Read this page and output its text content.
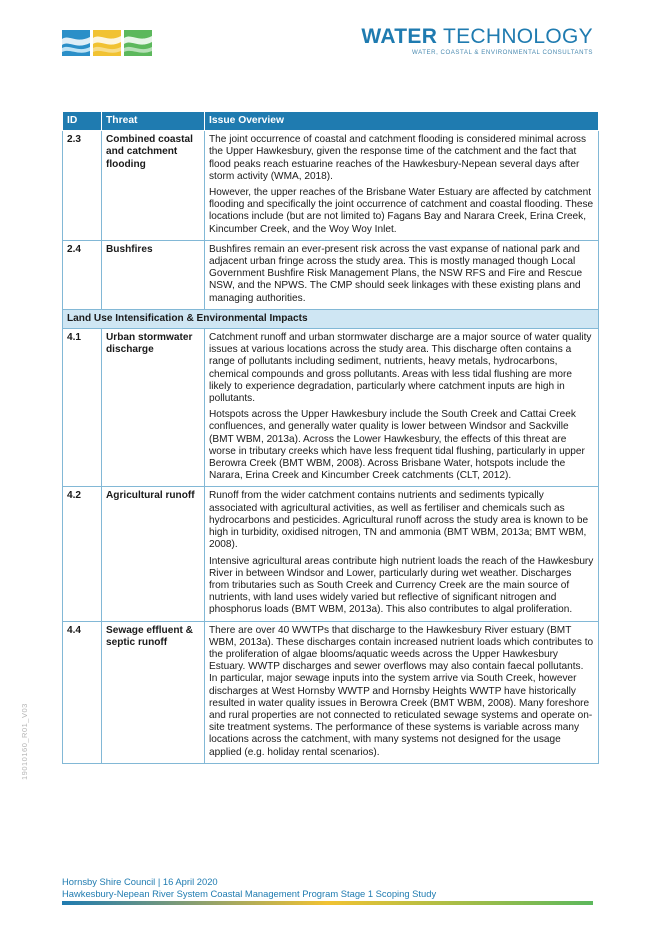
WATER TECHNOLOGY
WATER, COASTAL & ENVIRONMENTAL CONSULTANTS
19010160_R01_V03
ID	Threat	Issue Overview
2.3	Combined coastal and catchment flooding	The joint occurrence of coastal and catchment flooding is considered minimal across the Upper Hawkesbury, given the response time of the catchment and the fact that flood peaks reach estuarine reaches of the Hawkesbury-Nepean several days after storm activity (WMA, 2018).

However, the upper reaches of the Brisbane Water Estuary are affected by catchment flooding and specifically the joint occurrence of catchment and coastal flooding. These locations include (but are not limited to) Fagans Bay and Narara Creek, Erina Creek, Kincumber Creek, and the Woy Woy Inlet.

2.4	Bushfires	Bushfires remain an ever-present risk across the vast expanse of national park and adjacent urban fringe across the study area. This is mostly managed though Local Government Bushfire Risk Management Plans, the NSW RFS and Fire and Rescue NSW, and the NPWS. The CMP should seek linkages with these existing plans and managing authorities.

Land Use Intensification & Environmental Impacts		
4.1	Urban stormwater discharge	Catchment runoff and urban stormwater discharge are a major source of water quality issues at various locations across the study area. This discharge often contains a range of pollutants including sediment, nutrients, heavy metals, hydrocarbons, chemical compounds and gross pollutants. Areas with less tidal flushing are more likely to experience degradation, particularly where catchment inputs are high in pollutants.

Hotspots across the Upper Hawkesbury include the South Creek and Cattai Creek confluences, and generally water quality is lower between Windsor and Sackville (BMT WBM, 2013a). Across the Lower Hawkesbury, the effects of this threat are worse in tributary creeks which have less frequent tidal flushing, particularly in upper Berowra Creek (BMT WBM, 2008). Across Brisbane Water, hotspots include the Narara, Erina Creek and Kincumber Creek catchments (CLT, 2012).

4.2	Agricultural runoff	Runoff from the wider catchment contains nutrients and sediments typically associated with agricultural activities, as well as fertiliser and chemicals such as hydrocarbons and pesticides. Agricultural runoff across the study area is known to be high in turbidity, oxidised nitrogen, TN and ammonia (BMT WBM, 2013a; BMT WBM, 2008).

Intensive agricultural areas contribute high nutrient loads the reach of the Hawkesbury River in between Windsor and Lower, particularly during wet weather. Discharges from tributaries such as South Creek and Currency Creek are the main source of nutrients, with land uses widely varied but reflective of significant nitrogen and phosphorus loads (BMT WBM, 2013a). This also contributes to algal proliferation.

4.4	Sewage effluent & septic runoff	There are over 40 WWTPs that discharge to the Hawkesbury River estuary (BMT WBM, 2013a). These discharges contain increased nutrient loads which contributes to the proliferation of algae blooms/aquatic weeds across the Upper Hawkesbury Estuary. WWTP discharges and sewer overflows may also contain faecal pollutants. In particular, major sewage inputs into the system arrive via South Creek, however discharges at West Hornsby WWTP and Hornsby Heights WWTP have historically resulted in water quality issues in Berowra Creek (BMT WBM, 2008). Many foreshore and rural properties are not connected to reticulated sewage systems and operate on-site treatment systems. The performance of these systems is variable across many locations across the catchment, with many systems not designed for the usage applied (e.g. holiday rental scenarios).

Hornsby Shire Council | 16 April 2020
Hawkesbury-Nepean River System Coastal Management Program Stage 1 Scoping Study
